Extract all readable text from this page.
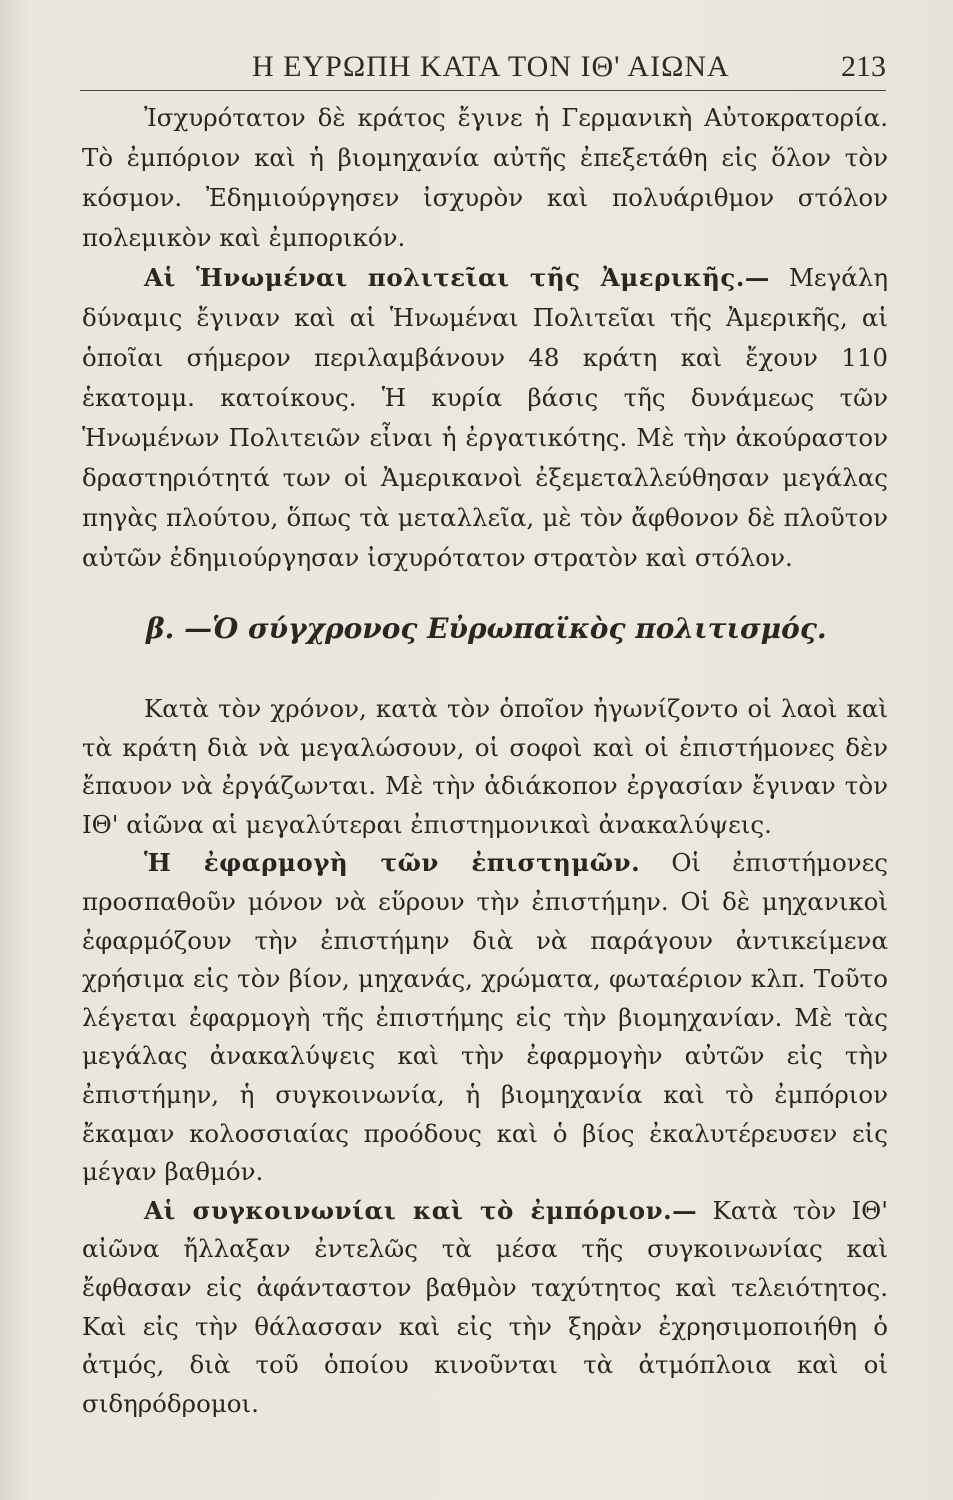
Η ΕΥΡΩΠΗ ΚΑΤΑ ΤΟΝ ΙΘ' ΑΙΩΝΑ	213

Ἰσχυρότατον δὲ κράτος ἔγινε ἡ Γερμανικὴ Αὐτοκρατορία. Τὸ ἐμπόριον καὶ ἡ βιομηχανία αὐτῆς ἐπεξετάθη εἰς ὅλον τὸν κόσμον. Ἐδημιούργησεν ἰσχυρὸν καὶ πολυάριθμον στόλον πολεμικὸν καὶ ἐμπορικόν.

Αἱ Ἡνωμέναι πολιτεῖαι τῆς Ἀμερικῆς.— Μεγάλη δύναμις ἔγιναν καὶ αἱ Ἡνωμέναι Πολιτεῖαι τῆς Ἀμερικῆς, αἱ ὁποῖαι σήμερον περιλαμβάνουν 48 κράτη καὶ ἔχουν 110 ἑκατομμ. κατοίκους. Ἡ κυρία βάσις τῆς δυνάμεως τῶν Ἡνωμένων Πολιτειῶν εἶναι ἡ ἐργατικότης. Μὲ τὴν ἀκούραστον δραστηριότητά των οἱ Ἀμερικανοὶ ἐξεμεταλλεύθησαν μεγάλας πηγὰς πλούτου, ὅπως τὰ μεταλλεῖα, μὲ τὸν ἄφθονον δὲ πλοῦτον αὐτῶν ἐδημιούργησαν ἰσχυρότατον στρατὸν καὶ στόλον.

β. —Ὁ σύγχρονος Εὐρωπαϊκὸς πολιτισμός.

Κατὰ τὸν χρόνον, κατὰ τὸν ὁποῖον ἠγωνίζοντο οἱ λαοὶ καὶ τὰ κράτη διὰ νὰ μεγαλώσουν, οἱ σοφοὶ καὶ οἱ ἐπιστήμονες δὲν ἔπαυον νὰ ἐργάζωνται. Μὲ τὴν ἀδιάκοπον ἐργασίαν ἔγιναν τὸν ΙΘ' αἰῶνα αἱ μεγαλύτεραι ἐπιστημονικαὶ ἀνακαλύψεις.

Ἡ ἐφαρμογὴ τῶν ἐπιστημῶν. Οἱ ἐπιστήμονες προσπαθοῦν μόνον νὰ εὕρουν τὴν ἐπιστήμην. Οἱ δὲ μηχανικοὶ ἐφαρμόζουν τὴν ἐπιστήμην διὰ νὰ παράγουν ἀντικείμενα χρήσιμα εἰς τὸν βίον, μηχανάς, χρώματα, φωταέριον κλπ. Τοῦτο λέγεται ἐφαρμογὴ τῆς ἐπιστήμης εἰς τὴν βιομηχανίαν. Μὲ τὰς μεγάλας ἀνακαλύψεις καὶ τὴν ἐφαρμογὴν αὐτῶν εἰς τὴν ἐπιστήμην, ἡ συγκοινωνία, ἡ βιομηχανία καὶ τὸ ἐμπόριον ἔκαμαν κολοσσιαίας προόδους καὶ ὁ βίος ἐκαλυτέρευσεν εἰς μέγαν βαθμόν.

Αἱ συγκοινωνίαι καὶ τὸ ἐμπόριον.— Κατὰ τὸν ΙΘ' αἰῶνα ἤλλαξαν ἐντελῶς τὰ μέσα τῆς συγκοινωνίας καὶ ἔφθασαν εἰς ἀφάνταστον βαθμὸν ταχύτητος καὶ τελειότητος. Καὶ εἰς τὴν θάλασσαν καὶ εἰς τὴν ξηρὰν ἐχρησιμοποιήθη ὁ ἀτμός, διὰ τοῦ ὁποίου κινοῦνται τὰ ἀτμόπλοια καὶ οἱ σιδηρόδρομοι.
